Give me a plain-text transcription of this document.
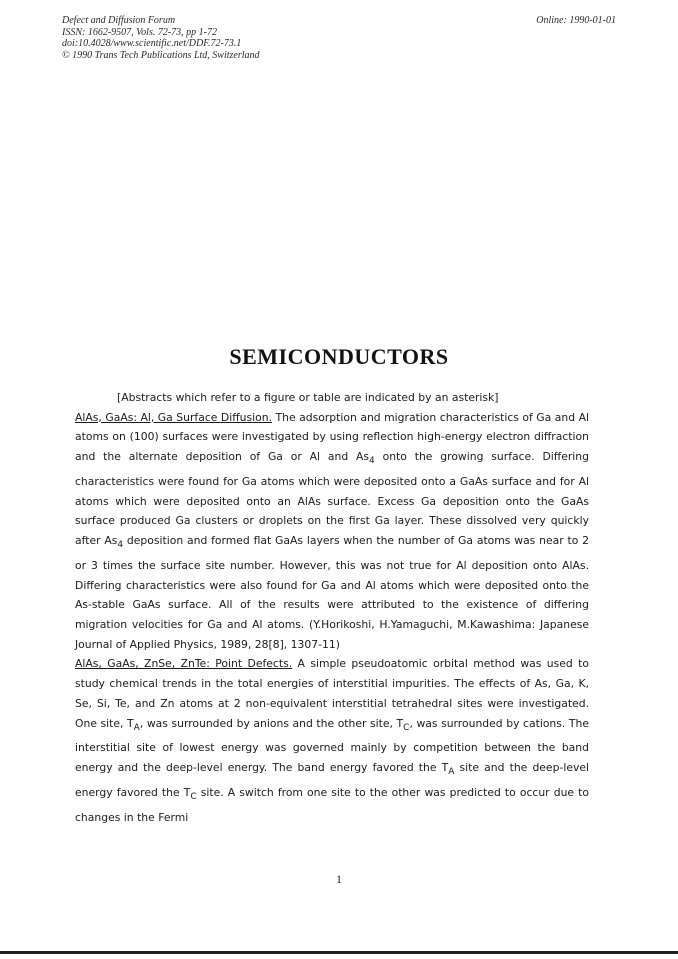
Defect and Diffusion Forum
ISSN: 1662-9507, Vols. 72-73, pp 1-72
doi:10.4028/www.scientific.net/DDF.72-73.1
© 1990 Trans Tech Publications Ltd, Switzerland
Online: 1990-01-01
SEMICONDUCTORS
[Abstracts which refer to a figure or table are indicated by an asterisk]

AlAs, GaAs: Al, Ga Surface Diffusion. The adsorption and migration characteristics of Ga and Al atoms on (100) surfaces were investigated by using reflection high-energy electron diffraction and the alternate deposition of Ga or Al and $As_4$ onto the growing surface. Differing characteristics were found for Ga atoms which were deposited onto a GaAs surface and for Al atoms which were deposited onto an AlAs surface. Excess Ga deposition onto the GaAs surface produced Ga clusters or droplets on the first Ga layer. These dissolved very quickly after $As_4$ deposition and formed flat GaAs layers when the number of Ga atoms was near to 2 or 3 times the surface site number. However, this was not true for Al deposition onto AlAs. Differing characteristics were also found for Ga and Al atoms which were deposited onto the As-stable GaAs surface. All of the results were attributed to the existence of differing migration velocities for Ga and Al atoms. (Y.Horikoshi, H.Yamaguchi, M.Kawashima: Japanese Journal of Applied Physics, 1989, 28[8], 1307-11)

AlAs, GaAs, ZnSe, ZnTe: Point Defects. A simple pseudoatomic orbital method was used to study chemical trends in the total energies of interstitial impurities. The effects of As, Ga, K, Se, Si, Te, and Zn atoms at 2 non-equivalent interstitial tetrahedral sites were investigated. One site, $T_A$, was surrounded by anions and the other site, $T_C$, was surrounded by cations. The interstitial site of lowest energy was governed mainly by competition between the band energy and the deep-level energy. The band energy favored the $T_A$ site and the deep-level energy favored the $T_C$ site. A switch from one site to the other was predicted to occur due to changes in the Fermi

1
